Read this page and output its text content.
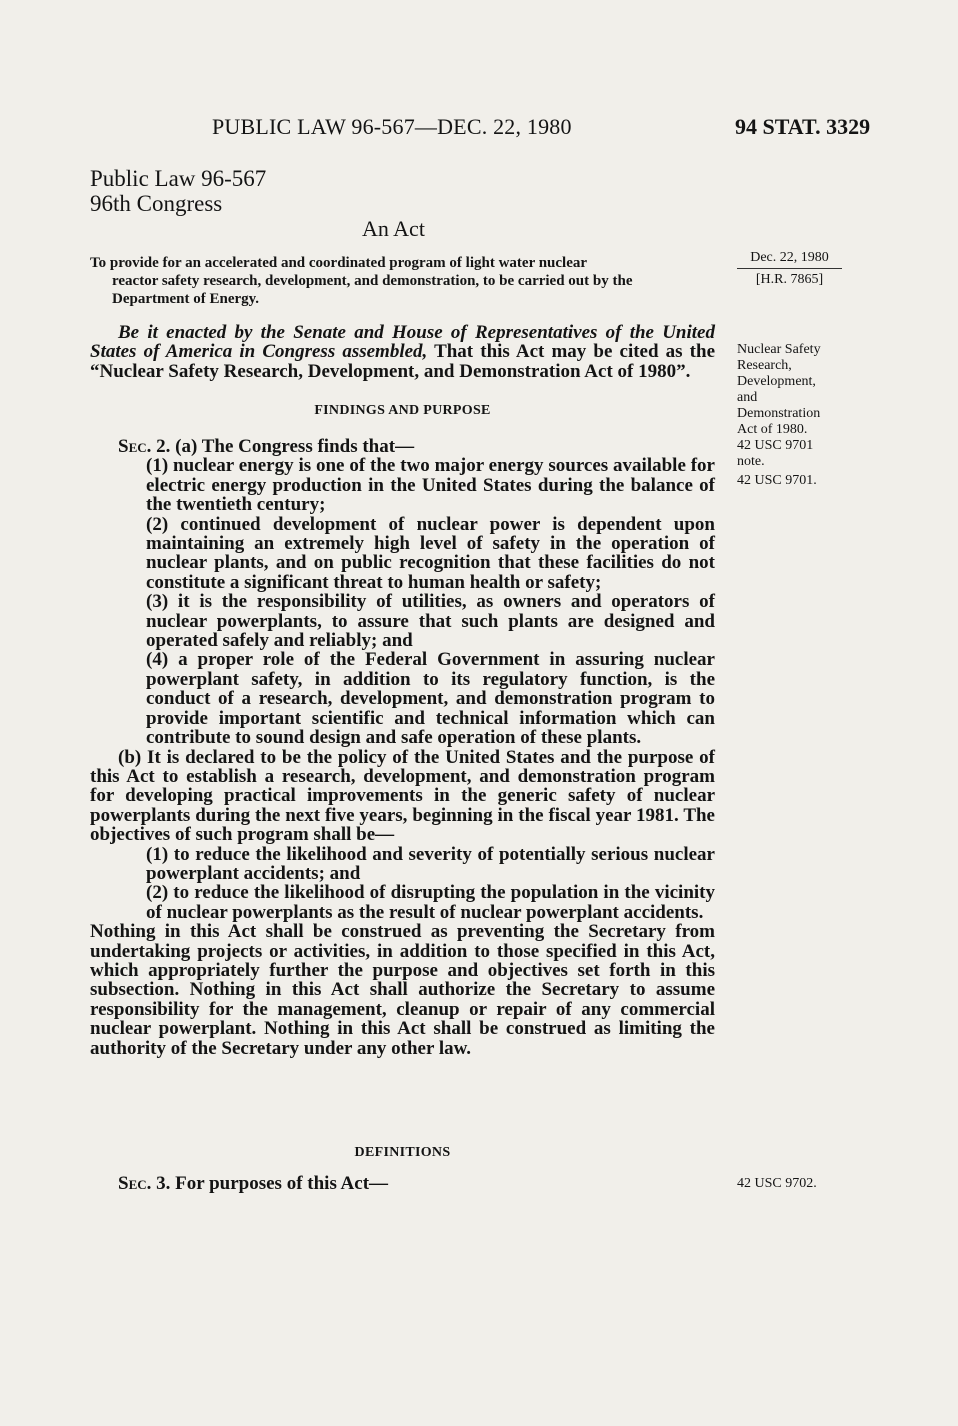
PUBLIC LAW 96-567—DEC. 22, 1980	94 STAT. 3329
Public Law 96-567
96th Congress
An Act
To provide for an accelerated and coordinated program of light water nuclear
reactor safety research, development, and demonstration, to be carried out by the
Department of Energy.
Be it enacted by the Senate and House of Representatives of the United States of America in Congress assembled, That this Act may be cited as the “Nuclear Safety Research, Development, and Demonstration Act of 1980”.
FINDINGS AND PURPOSE

Sec. 2. (a) The Congress finds that—

(1) nuclear energy is one of the two major energy sources available for electric energy production in the United States during the balance of the twentieth century;

(2) continued development of nuclear power is dependent upon maintaining an extremely high level of safety in the operation of nuclear plants, and on public recognition that these facilities do not constitute a significant threat to human health or safety;

(3) it is the responsibility of utilities, as owners and operators of nuclear powerplants, to assure that such plants are designed and operated safely and reliably; and

(4) a proper role of the Federal Government in assuring nuclear powerplant safety, in addition to its regulatory function, is the conduct of a research, development, and demonstration program to provide important scientific and technical information which can contribute to sound design and safe operation of these plants.

(b) It is declared to be the policy of the United States and the purpose of this Act to establish a research, development, and demonstration program for developing practical improvements in the generic safety of nuclear powerplants during the next five years, beginning in the fiscal year 1981. The objectives of such program shall be—

(1) to reduce the likelihood and severity of potentially serious nuclear powerplant accidents; and

(2) to reduce the likelihood of disrupting the population in the vicinity of nuclear powerplants as the result of nuclear powerplant accidents.

Nothing in this Act shall be construed as preventing the Secretary from undertaking projects or activities, in addition to those specified in this Act, which appropriately further the purpose and objectives set forth in this subsection. Nothing in this Act shall authorize the Secretary to assume responsibility for the management, cleanup or repair of any commercial nuclear powerplant. Nothing in this Act shall be construed as limiting the authority of the Secretary under any other law.

DEFINITIONS

Sec. 3. For purposes of this Act—

Dec. 22, 1980
[H.R. 7865]
Nuclear Safety
Research,
Development,
and
Demonstration
Act of 1980.
42 USC 9701
note.
42 USC 9701.
42 USC 9702.
